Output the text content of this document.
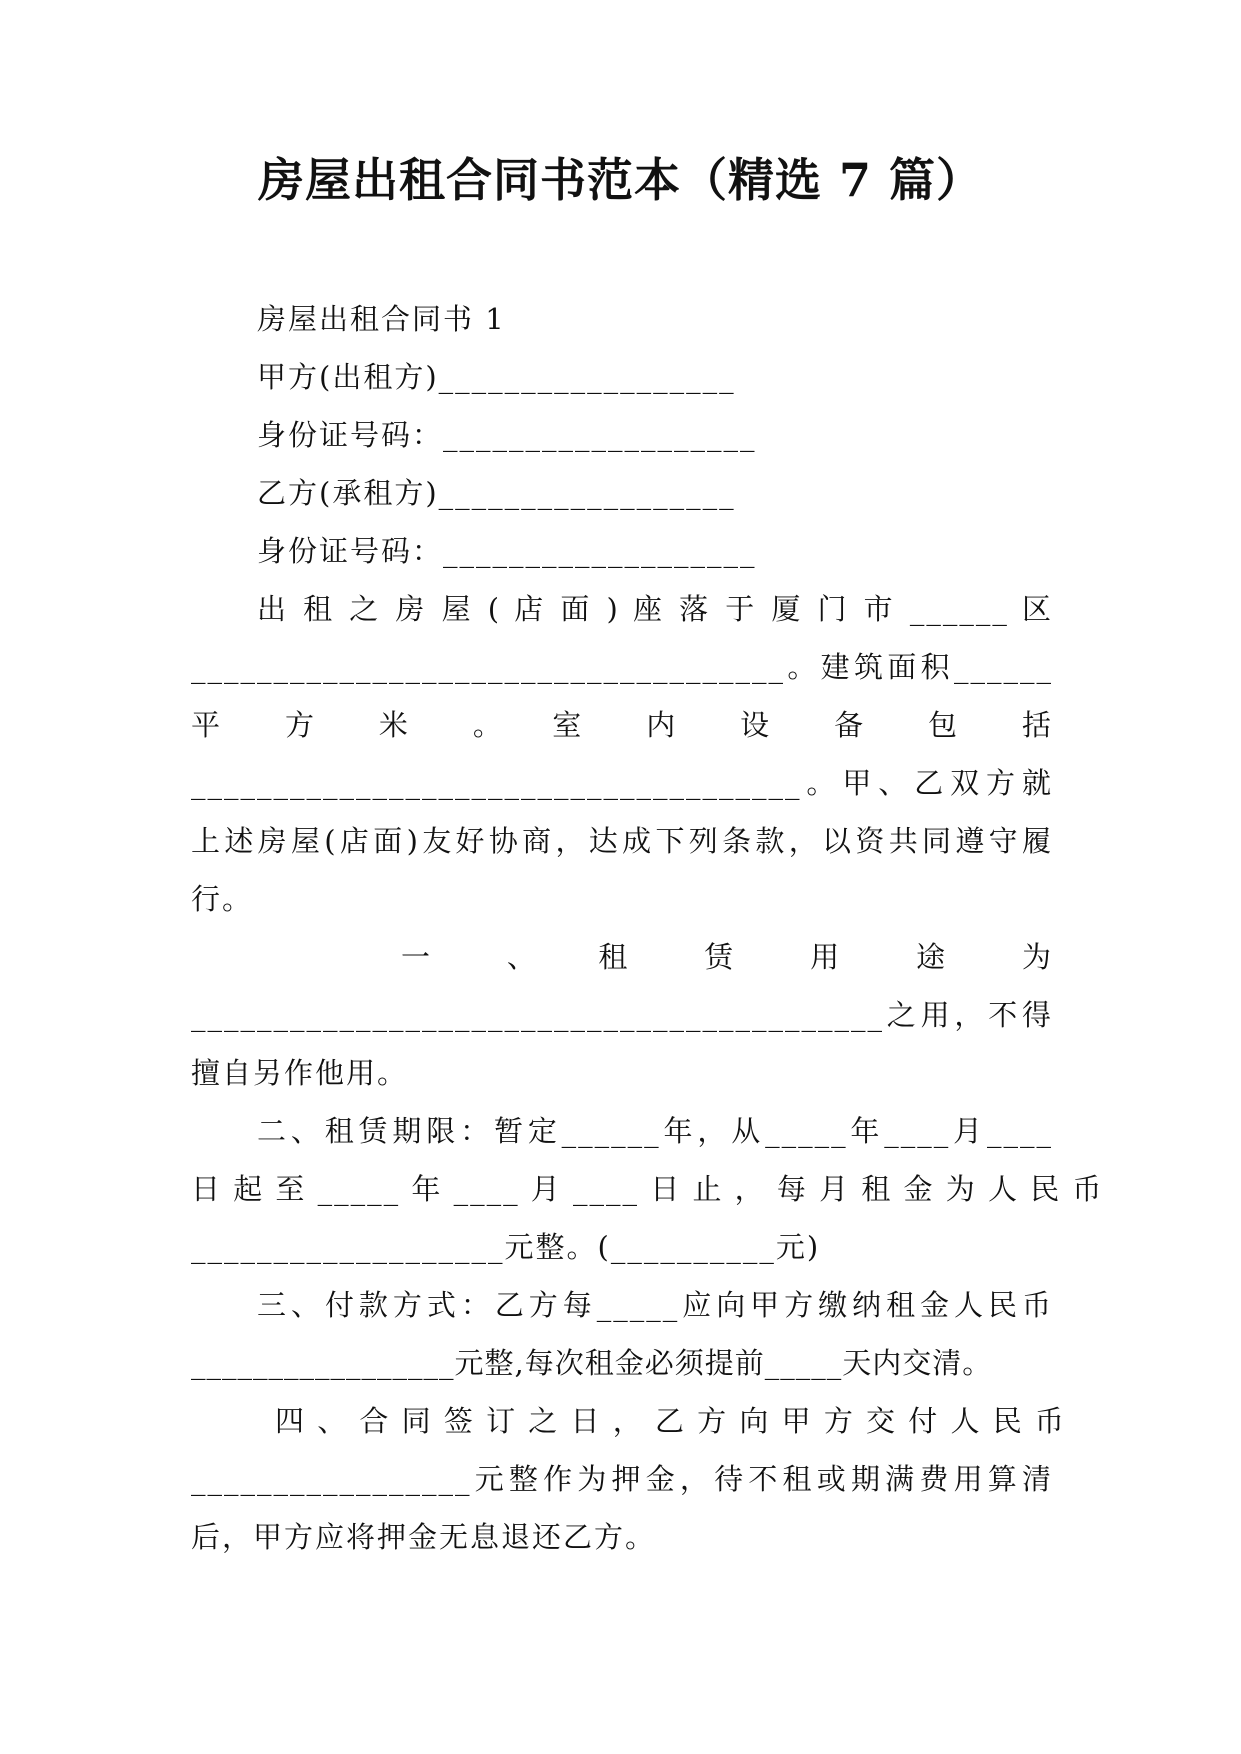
房屋出租合同书范本（精选 7 篇）
房屋出租合同书 1
甲方(出租方)__________________
身份证号码：___________________
乙方(承租方)__________________
身份证号码：___________________
出 租 之 房 屋 ( 店 面 ) 座 落 于 厦 门 市 ______ 区
____________________________________。建筑面积______
平　方　米　。　室　内　设　备　包　括
_____________________________________。甲、乙双方就
上述房屋(店面)友好协商，达成下列条款，以资共同遵守履
行。
一　　、　　租　　赁　　用　　途　　为
__________________________________________之用，不得
擅自另作他用。
二、租赁期限：暂定______年，从_____年____月____
日 起 至 _____ 年 ____ 月 ____ 日 止 ， 每 月 租 金 为 人 民 币
___________________元整。(__________元)
三、付款方式：乙方每_____应向甲方缴纳租金人民币
_________________元整,每次租金必须提前_____天内交清。
四 、 合 同 签 订 之 日 ， 乙 方 向 甲 方 交 付 人 民 币
_________________元整作为押金，待不租或期满费用算清
后，甲方应将押金无息退还乙方。
